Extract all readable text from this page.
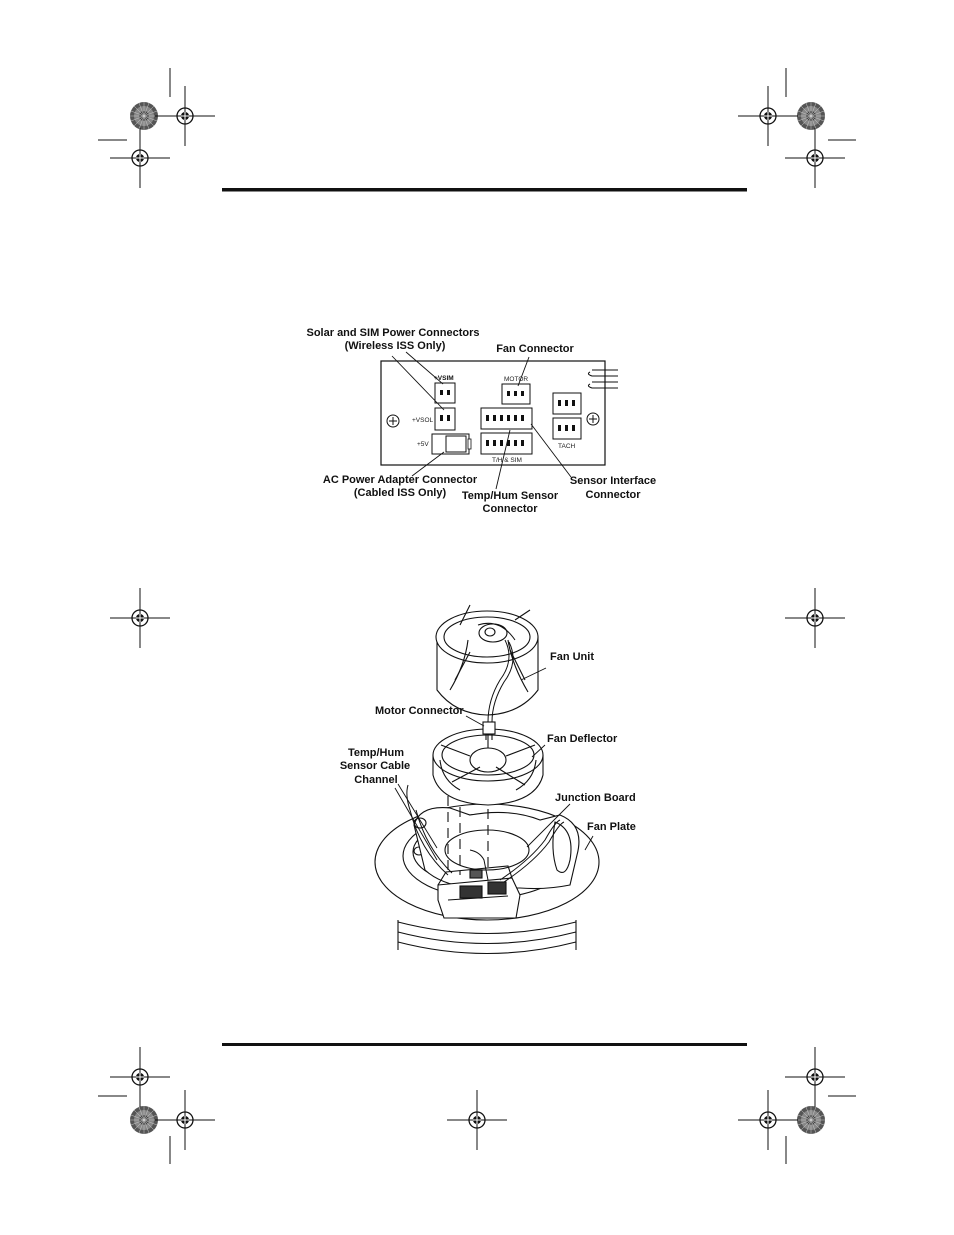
+VSIM
+VSOL
+5V
MOTOR
T/H & SIM
TACH
Solar and SIM Power Connectors
(Wireless ISS Only)	Fan Connector
AC Power Adapter Connector
(Cabled ISS Only) Temp/Hum Sensor
Connector
Sensor Interface
Connector
Fan Unit
Motor Connector
Fan Deflector
Temp/Hum
Sensor Cable
Channel
Junction Board
Fan Plate
